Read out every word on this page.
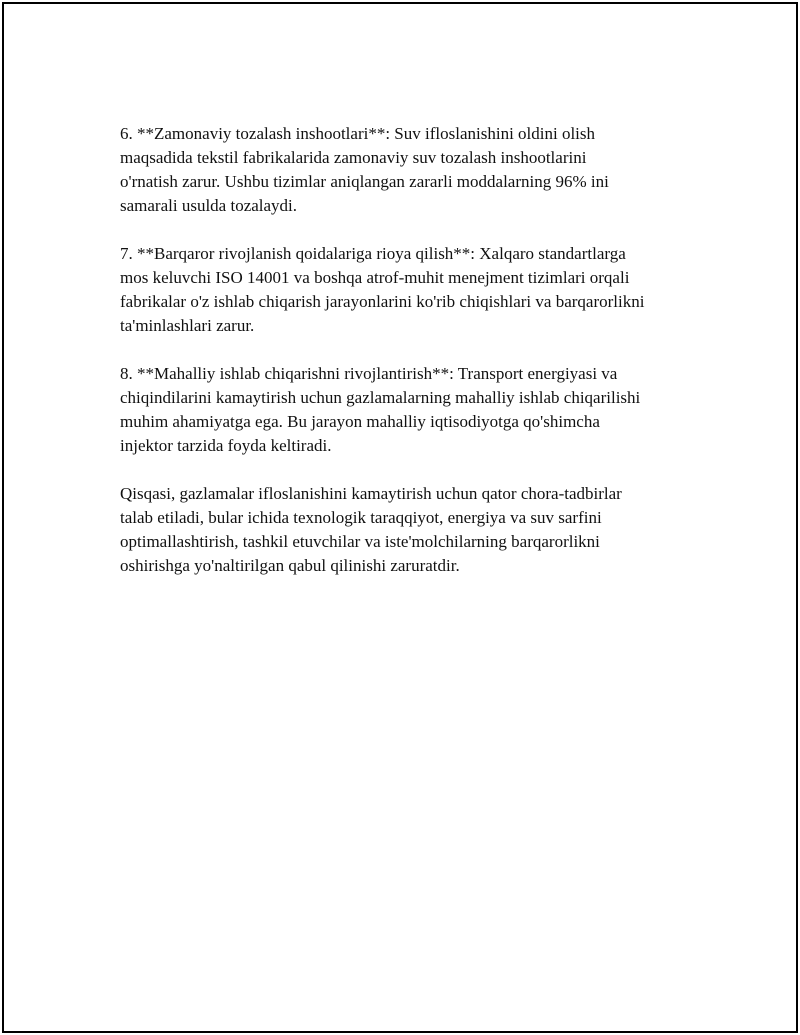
6. **Zamonaviy tozalash inshootlari**: Suv ifloslanishini oldini olish
maqsadida tekstil fabrikalarida zamonaviy suv tozalash inshootlarini
o'rnatish zarur. Ushbu tizimlar aniqlangan zararli moddalarning 96% ini
samarali usulda tozalaydi.

7. **Barqaror rivojlanish qoidalariga rioya qilish**: Xalqaro standartlarga
mos keluvchi ISO 14001 va boshqa atrof-muhit menejment tizimlari orqali
fabrikalar o'z ishlab chiqarish jarayonlarini ko'rib chiqishlari va barqarorlikni
ta'minlashlari zarur.

8. **Mahalliy ishlab chiqarishni rivojlantirish**: Transport energiyasi va
chiqindilarini kamaytirish uchun gazlamalarning mahalliy ishlab chiqarilishi
muhim ahamiyatga ega. Bu jarayon mahalliy iqtisodiyotga qo'shimcha
injektor tarzida foyda keltiradi.

Qisqasi, gazlamalar ifloslanishini kamaytirish uchun qator chora-tadbirlar
talab etiladi, bular ichida texnologik taraqqiyot, energiya va suv sarfini
optimallashtirish, tashkil etuvchilar va iste'molchilarning barqarorlikni
oshirishga yo'naltirilgan qabul qilinishi zaruratdir.
